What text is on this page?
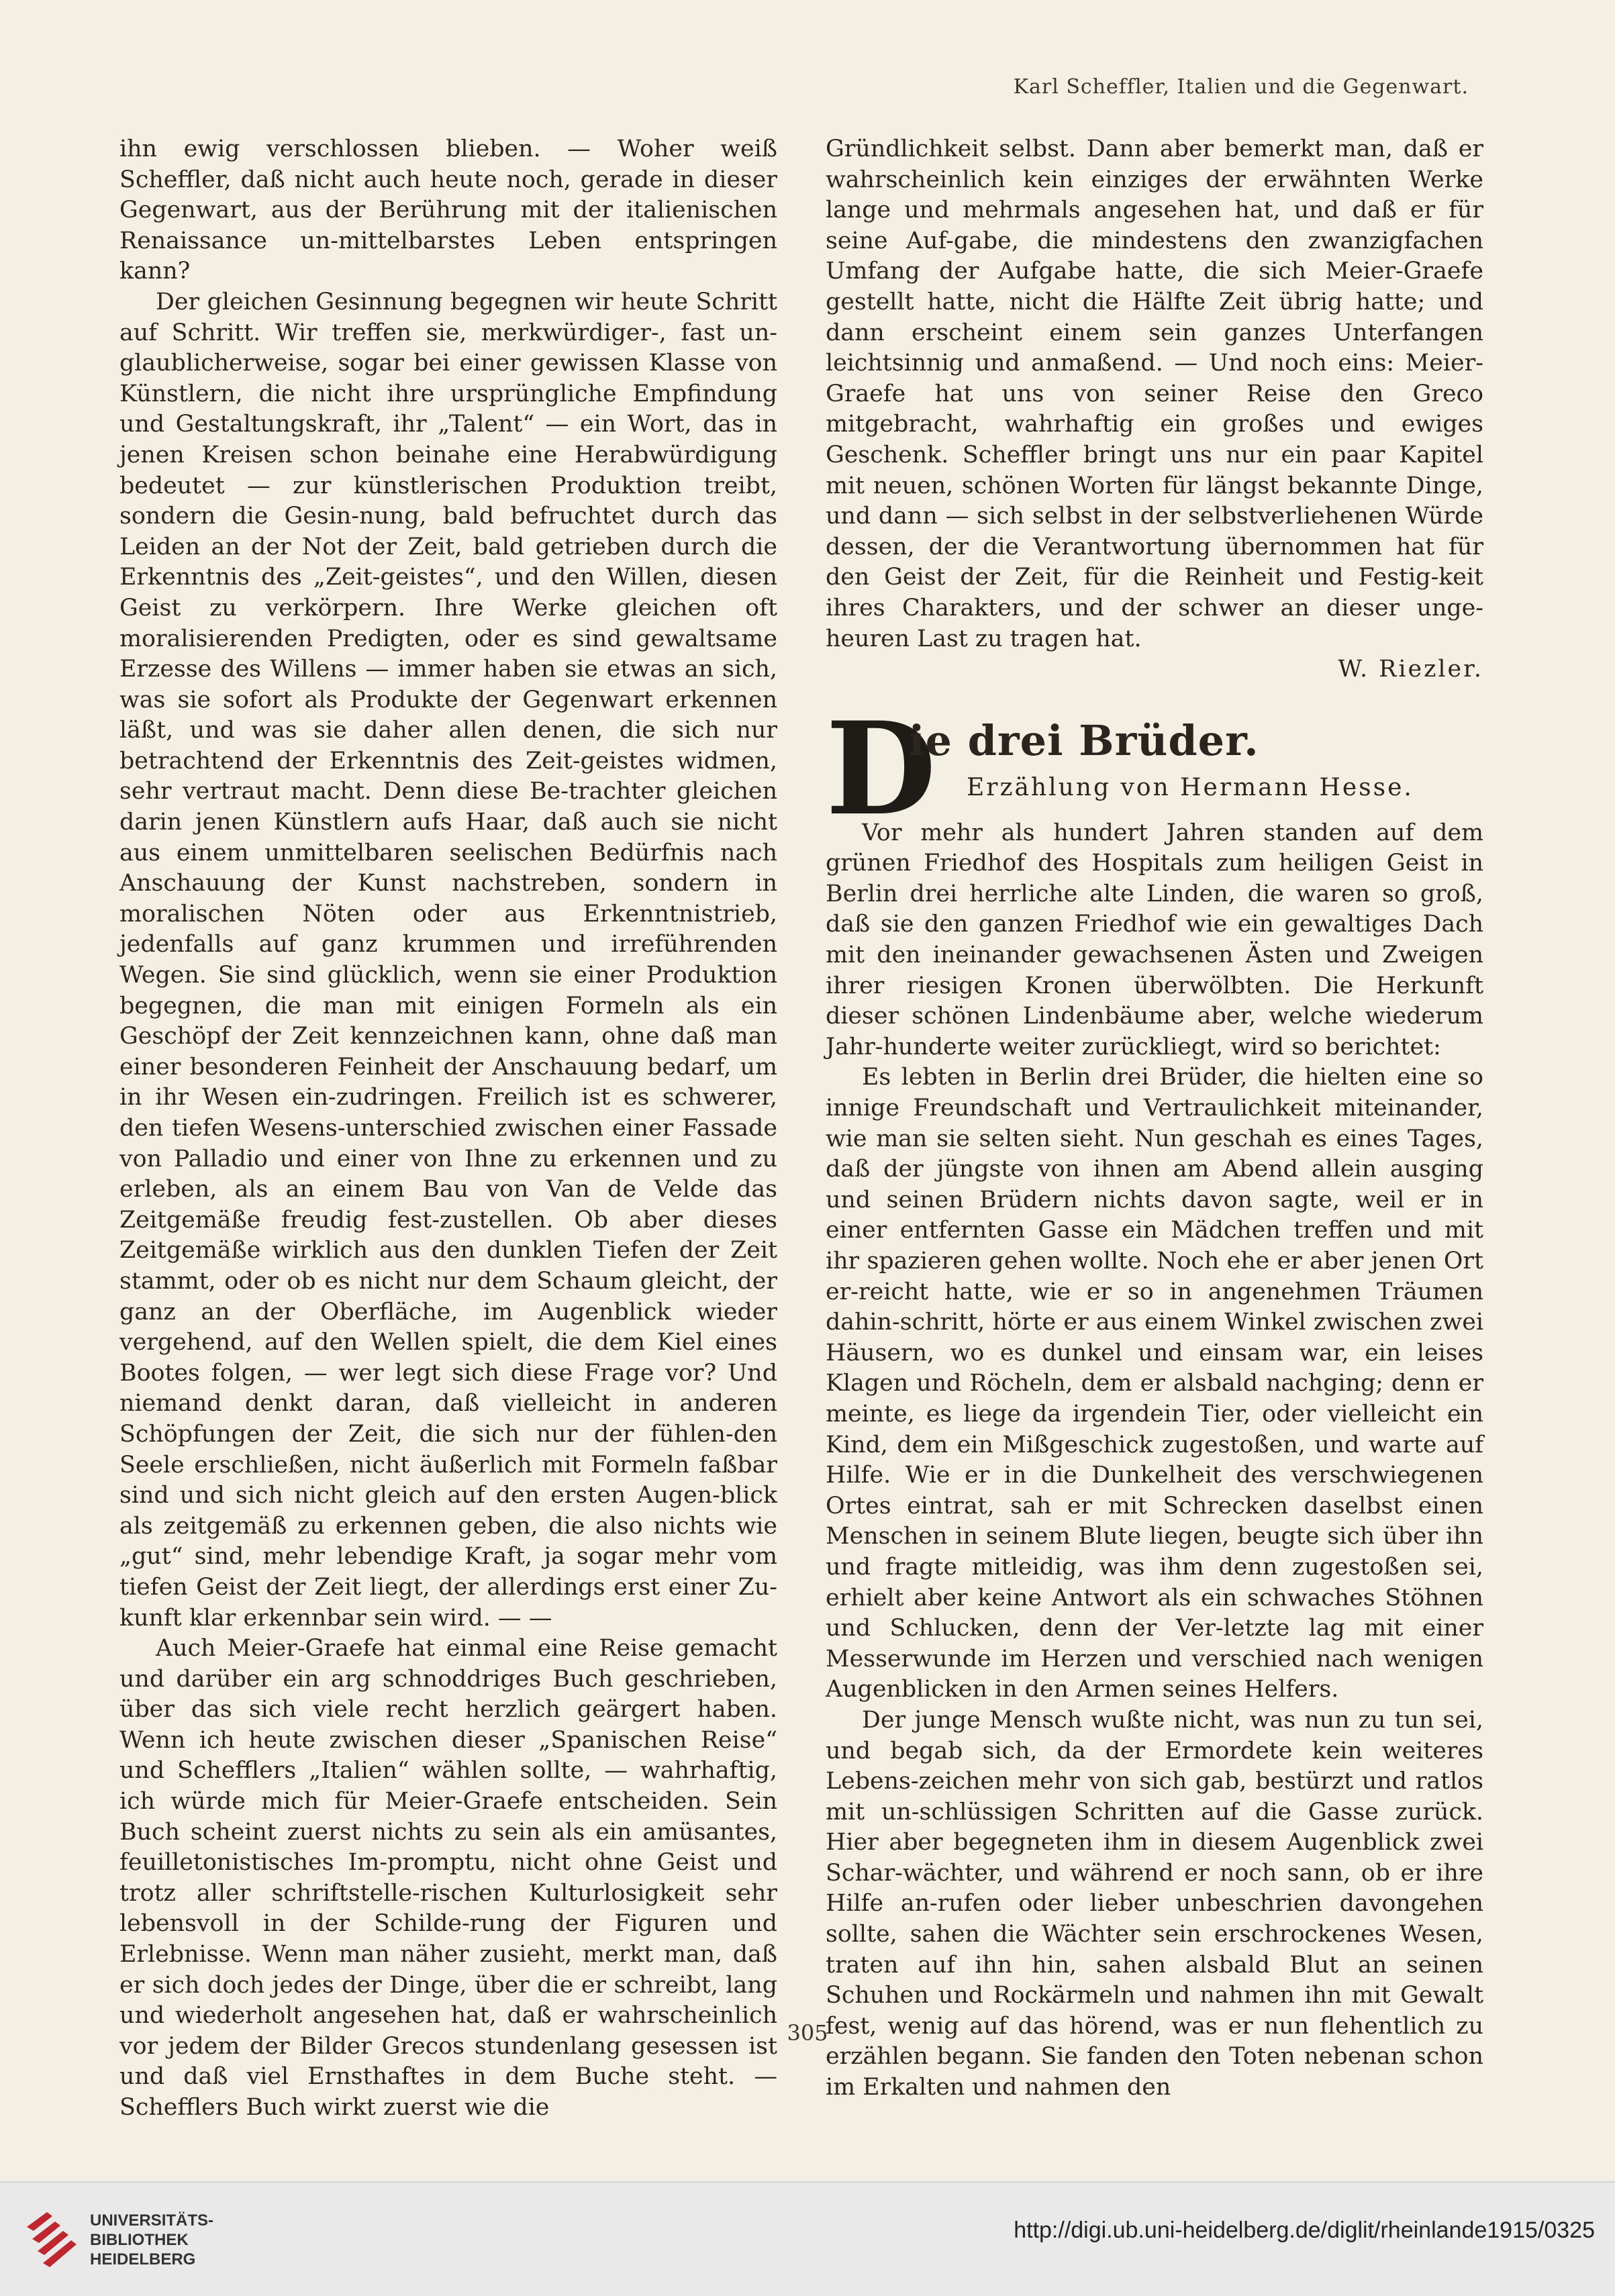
Karl Scheffler, Italien und die Gegenwart.

ihn ewig verschlossen blieben. — Woher weiß Scheffler, daß nicht auch heute noch, gerade in dieser Gegenwart, aus der Berührung mit der italienischen Renaissance un-mittelbarstes Leben entspringen kann?

Der gleichen Gesinnung begegnen wir heute Schritt auf Schritt. Wir treffen sie, merkwürdiger-, fast un-glaublicherweise, sogar bei einer gewissen Klasse von Künstlern, die nicht ihre ursprüngliche Empfindung und Gestaltungskraft, ihr „Talent“ — ein Wort, das in jenen Kreisen schon beinahe eine Herabwürdigung bedeutet — zur künstlerischen Produktion treibt, sondern die Gesin-nung, bald befruchtet durch das Leiden an der Not der Zeit, bald getrieben durch die Erkenntnis des „Zeit-geistes“, und den Willen, diesen Geist zu verkörpern. Ihre Werke gleichen oft moralisierenden Predigten, oder es sind gewaltsame Erzesse des Willens — immer haben sie etwas an sich, was sie sofort als Produkte der Gegenwart erkennen läßt, und was sie daher allen denen, die sich nur betrachtend der Erkenntnis des Zeit-geistes widmen, sehr vertraut macht. Denn diese Be-trachter gleichen darin jenen Künstlern aufs Haar, daß auch sie nicht aus einem unmittelbaren seelischen Bedürfnis nach Anschauung der Kunst nachstreben, sondern in moralischen Nöten oder aus Erkenntnistrieb, jedenfalls auf ganz krummen und irreführenden Wegen. Sie sind glücklich, wenn sie einer Produktion begegnen, die man mit einigen Formeln als ein Geschöpf der Zeit kennzeichnen kann, ohne daß man einer besonderen Feinheit der Anschauung bedarf, um in ihr Wesen ein-zudringen. Freilich ist es schwerer, den tiefen Wesens-unterschied zwischen einer Fassade von Palladio und einer von Ihne zu erkennen und zu erleben, als an einem Bau von Van de Velde das Zeitgemäße freudig fest-zustellen. Ob aber dieses Zeitgemäße wirklich aus den dunklen Tiefen der Zeit stammt, oder ob es nicht nur dem Schaum gleicht, der ganz an der Oberfläche, im Augenblick wieder vergehend, auf den Wellen spielt, die dem Kiel eines Bootes folgen, — wer legt sich diese Frage vor? Und niemand denkt daran, daß vielleicht in anderen Schöpfungen der Zeit, die sich nur der fühlen-den Seele erschließen, nicht äußerlich mit Formeln faßbar sind und sich nicht gleich auf den ersten Augen-blick als zeitgemäß zu erkennen geben, die also nichts wie „gut“ sind, mehr lebendige Kraft, ja sogar mehr vom tiefen Geist der Zeit liegt, der allerdings erst einer Zu-kunft klar erkennbar sein wird. — —

Auch Meier-Graefe hat einmal eine Reise gemacht und darüber ein arg schnoddriges Buch geschrieben, über das sich viele recht herzlich geärgert haben. Wenn ich heute zwischen dieser „Spanischen Reise“ und Schefflers „Italien“ wählen sollte, — wahrhaftig, ich würde mich für Meier-Graefe entscheiden. Sein Buch scheint zuerst nichts zu sein als ein amüsantes, feuilletonistisches Im-promptu, nicht ohne Geist und trotz aller schriftstelle-rischen Kulturlosigkeit sehr lebensvoll in der Schilde-rung der Figuren und Erlebnisse. Wenn man näher zusieht, merkt man, daß er sich doch jedes der Dinge, über die er schreibt, lang und wiederholt angesehen hat, daß er wahrscheinlich vor jedem der Bilder Grecos stundenlang gesessen ist und daß viel Ernsthaftes in dem Buche steht. — Schefflers Buch wirkt zuerst wie die

Gründlichkeit selbst. Dann aber bemerkt man, daß er wahrscheinlich kein einziges der erwähnten Werke lange und mehrmals angesehen hat, und daß er für seine Auf-gabe, die mindestens den zwanzigfachen Umfang der Aufgabe hatte, die sich Meier-Graefe gestellt hatte, nicht die Hälfte Zeit übrig hatte; und dann erscheint einem sein ganzes Unterfangen leichtsinnig und anmaßend. — Und noch eins: Meier-Graefe hat uns von seiner Reise den Greco mitgebracht, wahrhaftig ein großes und ewiges Geschenk. Scheffler bringt uns nur ein paar Kapitel mit neuen, schönen Worten für längst bekannte Dinge, und dann — sich selbst in der selbstverliehenen Würde dessen, der die Verantwortung übernommen hat für den Geist der Zeit, für die Reinheit und Festig-keit ihres Charakters, und der schwer an dieser unge-heuren Last zu tragen hat.
W. Riezler.

D
ie drei Brüder.
Erzählung von Hermann Hesse.

Vor mehr als hundert Jahren standen auf dem grünen Friedhof des Hospitals zum heiligen Geist in Berlin drei herrliche alte Linden, die waren so groß, daß sie den ganzen Friedhof wie ein gewaltiges Dach mit den ineinander gewachsenen Ästen und Zweigen ihrer riesigen Kronen überwölbten. Die Herkunft dieser schönen Lindenbäume aber, welche wiederum Jahr-hunderte weiter zurückliegt, wird so berichtet:

Es lebten in Berlin drei Brüder, die hielten eine so innige Freundschaft und Vertraulichkeit miteinander, wie man sie selten sieht. Nun geschah es eines Tages, daß der jüngste von ihnen am Abend allein ausging und seinen Brüdern nichts davon sagte, weil er in einer entfernten Gasse ein Mädchen treffen und mit ihr spazieren gehen wollte. Noch ehe er aber jenen Ort er-reicht hatte, wie er so in angenehmen Träumen dahin-schritt, hörte er aus einem Winkel zwischen zwei Häusern, wo es dunkel und einsam war, ein leises Klagen und Röcheln, dem er alsbald nachging; denn er meinte, es liege da irgendein Tier, oder vielleicht ein Kind, dem ein Mißgeschick zugestoßen, und warte auf Hilfe. Wie er in die Dunkelheit des verschwiegenen Ortes eintrat, sah er mit Schrecken daselbst einen Menschen in seinem Blute liegen, beugte sich über ihn und fragte mitleidig, was ihm denn zugestoßen sei, erhielt aber keine Antwort als ein schwaches Stöhnen und Schlucken, denn der Ver-letzte lag mit einer Messerwunde im Herzen und verschied nach wenigen Augenblicken in den Armen seines Helfers.

Der junge Mensch wußte nicht, was nun zu tun sei, und begab sich, da der Ermordete kein weiteres Lebens-zeichen mehr von sich gab, bestürzt und ratlos mit un-schlüssigen Schritten auf die Gasse zurück. Hier aber begegneten ihm in diesem Augenblick zwei Schar-wächter, und während er noch sann, ob er ihre Hilfe an-rufen oder lieber unbeschrien davongehen sollte, sahen die Wächter sein erschrockenes Wesen, traten auf ihn hin, sahen alsbald Blut an seinen Schuhen und Rockärmeln und nahmen ihn mit Gewalt fest, wenig auf das hörend, was er nun flehentlich zu erzählen begann. Sie fanden den Toten nebenan schon im Erkalten und nahmen den

305
UNIVERSITÄTS-
BIBLIOTHEK
HEIDELBERG
http://digi.ub.uni-heidelberg.de/diglit/rheinlande1915/0325
